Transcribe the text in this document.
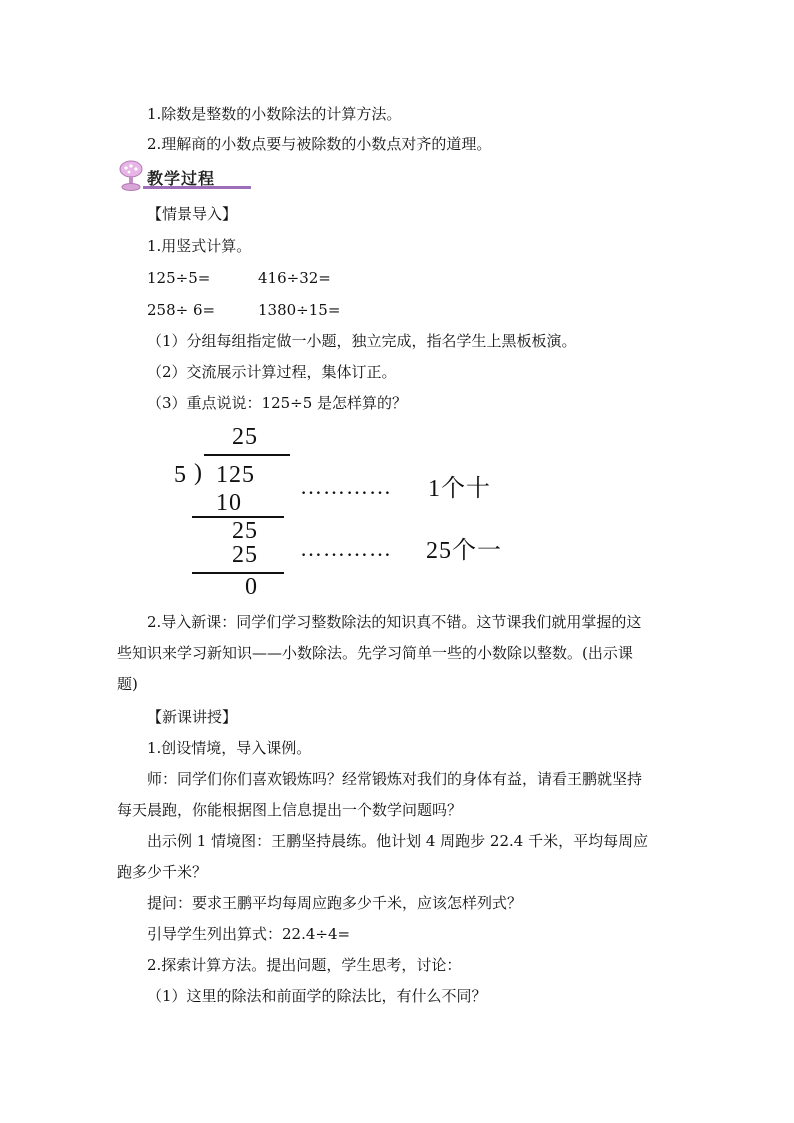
1.除数是整数的小数除法的计算方法。
2.理解商的小数点要与被除数的小数点对齐的道理。
教学过程
【情景导入】
1.用竖式计算。
125÷5=	416÷32=
258÷ 6=	1380÷15=
（1）分组每组指定做一小题，独立完成，指名学生上黑板板演。
（2）交流展示计算过程，集体订正。
（3）重点说说：125÷5 是怎样算的？
25
5 ) 125
10
………… 1个十
25
25 ………… 25个一
0
2.导入新课：同学们学习整数除法的知识真不错。这节课我们就用掌握的这
些知识来学习新知识——小数除法。先学习简单一些的小数除以整数。(出示课
题)
【新课讲授】
1.创设情境，导入课例。
师：同学们你们喜欢锻炼吗？经常锻炼对我们的身体有益，请看王鹏就坚持
每天晨跑，你能根据图上信息提出一个数学问题吗？
出示例 1 情境图：王鹏坚持晨练。他计划 4 周跑步 22.4 千米，平均每周应
跑多少千米？
提问：要求王鹏平均每周应跑多少千米，应该怎样列式？
引导学生列出算式：22.4÷4=
2.探索计算方法。提出问题，学生思考，讨论：
（1）这里的除法和前面学的除法比，有什么不同？
